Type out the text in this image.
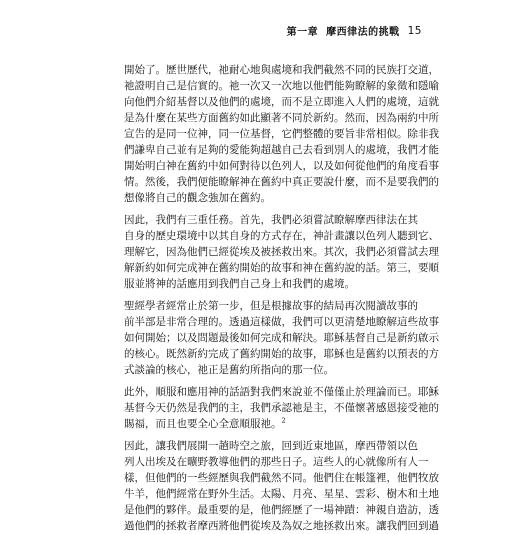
第一章 摩西律法的挑戰 15
開始了。歷世歷代，祂耐心地與處境和我們截然不同的民族打交道，
祂證明自己是信實的。祂一次又一次地以他們能夠瞭解的象徵和隱喻
向他們介紹基督以及他們的處境，而不是立即進入人們的處境，這就
是為什麼在某些方面舊約如此顯著不同於新約。然而，因為兩約中所
宣告的是同一位神，同一位基督，它們整體的要旨非常相似。除非我
們謙卑自己並有足夠的愛能夠超越自己去看到別人的處境，我們才能
開始明白神在舊約中如何對待以色列人，以及如何從他們的角度看事
情。然後，我們便能瞭解神在舊約中真正要說什麼，而不是要我們的
想像將自己的觀念強加在舊約。
因此，我們有三重任務。首先，我們必須嘗試瞭解摩西律法在其
自身的歷史環境中以其自身的方式存在，神計畫讓以色列人聽到它、
理解它，因為他們已經從埃及被拯救出來。其次，我們必須嘗試去理
解新約如何完成神在舊約開始的故事和神在舊約說的話。第三，要順
服並將神的話應用到我們自己身上和我們的處境。
聖經學者經常止於第一步，但是根據故事的結局再次閱讀故事的
前半部是非常合理的。透過這樣做，我們可以更清楚地瞭解這些故事
如何開始；以及問題最後如何完成和解決。耶穌基督自己是新約啟示
的核心。既然新約完成了舊約開始的故事，耶穌也是舊約以預表的方
式談論的核心，祂正是舊約所指向的那一位。
此外，順服和應用神的話語對我們來說並不僅僅止於理論而已。耶穌
基督今天仍然是我們的主，我們承認祂是主，不僅懷著感恩接受祂的
賜福，而且也要全心全意順服祂。$^2$
因此，讓我們展開一趟時空之旅，回到近東地區，摩西帶領以色
列人出埃及在曠野教導他們的那些日子。這些人的心就像所有人一
樣，但他們的一些經歷與我們截然不同。他們住在帳篷裡，他們牧放
牛羊，他們經常在野外生活。太陽、月亮、星星、雲彩、樹木和土地
是他們的夥伴。最重要的是，他們經歷了一場神蹟：神親自造訪，透
過他們的拯救者摩西將他們從埃及為奴之地拯救出來。讓我們回到過
